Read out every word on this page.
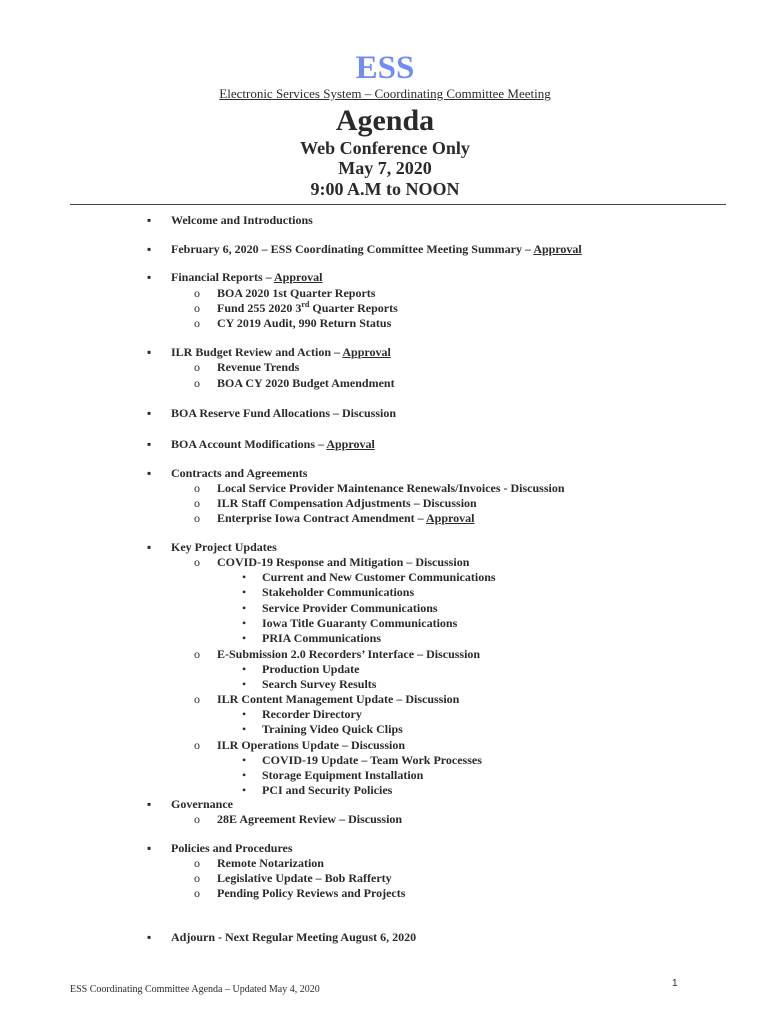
ESS
Electronic Services System – Coordinating Committee Meeting
Agenda
Web Conference Only
May 7, 2020
9:00 A.M to NOON
▪ Welcome and Introductions
▪ February 6, 2020 – ESS Coordinating Committee Meeting Summary – Approval
▪ Financial Reports – Approval
o BOA 2020 1st Quarter Reports
o Fund 255 2020 3rd Quarter Reports
o CY 2019 Audit, 990 Return Status
▪ ILR Budget Review and Action – Approval
o Revenue Trends
o BOA CY 2020 Budget Amendment
▪ BOA Reserve Fund Allocations – Discussion
▪ BOA Account Modifications – Approval
▪ Contracts and Agreements
o Local Service Provider Maintenance Renewals/Invoices - Discussion
o ILR Staff Compensation Adjustments – Discussion
o Enterprise Iowa Contract Amendment – Approval
▪ Key Project Updates
o COVID-19 Response and Mitigation – Discussion
• Current and New Customer Communications
• Stakeholder Communications
• Service Provider Communications
• Iowa Title Guaranty Communications
• PRIA Communications
o E-Submission 2.0 Recorders’ Interface – Discussion
• Production Update
• Search Survey Results
o ILR Content Management Update – Discussion
• Recorder Directory
• Training Video Quick Clips
o ILR Operations Update – Discussion
• COVID-19 Update – Team Work Processes
• Storage Equipment Installation
• PCI and Security Policies
▪ Governance
o 28E Agreement Review – Discussion
▪ Policies and Procedures
o Remote Notarization
o Legislative Update – Bob Rafferty
o Pending Policy Reviews and Projects
▪ Adjourn - Next Regular Meeting August 6, 2020
ESS Coordinating Committee Agenda – Updated May 4, 2020
1
